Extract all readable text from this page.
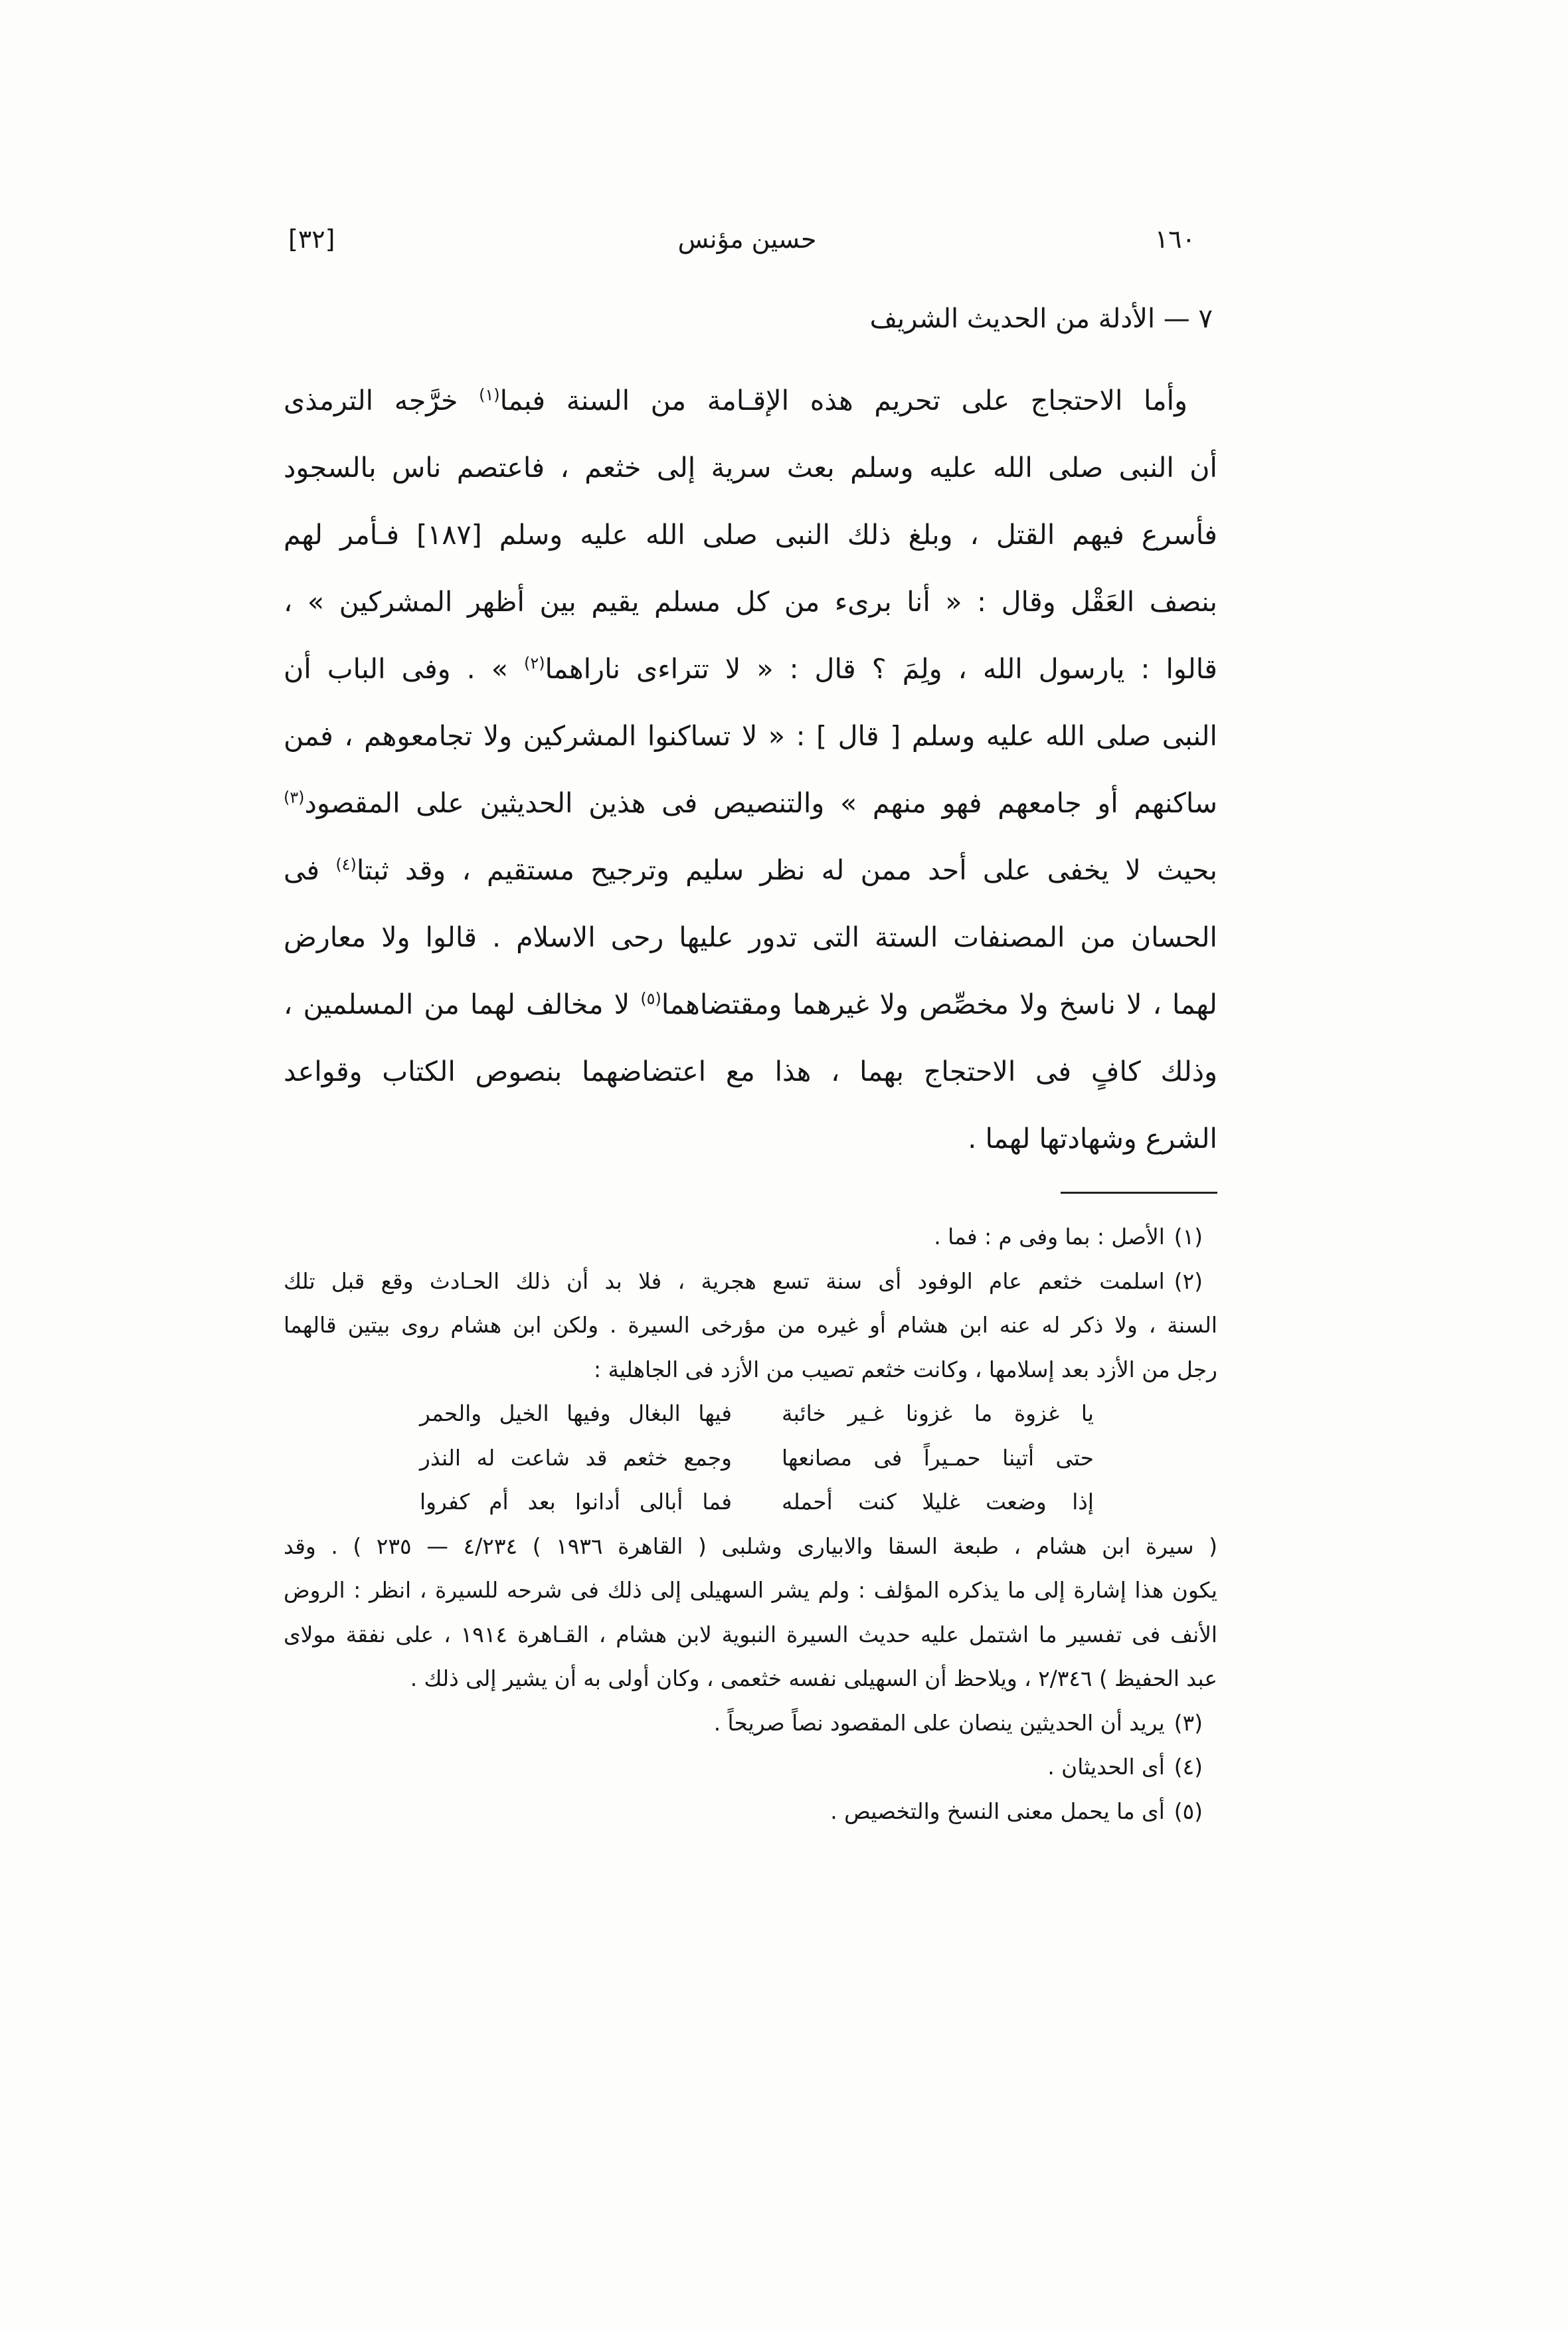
١٦٠
حسين مؤنس
[٣٢]
٧ — الأدلة من الحديث الشريف
وأما الاحتجاج على تحريم هذه الإقـامة من السنة فبما$^{(١)}$ خرَّجه الترمذى
أن النبى صلى الله عليه وسلم بعث سرية إلى خثعم ، فاعتصم ناس بالسجود
فأسرع فيهم القتل ، وبلغ ذلك النبى صلى الله عليه وسلم [١٨٧] فـأمر لهم
بنصف العَقْل وقال : « أنا برىء من كل مسلم يقيم بين أظهر المشركين » ،
قالوا : يارسول الله ، ولِمَ ؟ قال : « لا تتراءى ناراهما$^{(٢)}$ » . وفى الباب أن
النبى صلى الله عليه وسلم [ قال ] : « لا تساكنوا المشركين ولا تجامعوهم ، فمن
ساكنهم أو جامعهم فهو منهم » والتنصيص فى هذين الحديثين على المقصود$^{(٣)}$
بحيث لا يخفى على أحد ممن له نظر سليم وترجيح مستقيم ، وقد ثبتا$^{(٤)}$ فى
الحسان من المصنفات الستة التى تدور عليها رحى الاسلام . قالوا ولا معارض
لهما ، لا ناسخ ولا مخصِّص ولا غيرهما ومقتضاهما$^{(٥)}$ لا مخالف لهما من المسلمين ،
وذلك كافٍ فى الاحتجاج بهما ، هذا مع اعتضاضهما بنصوص الكتاب وقواعد
الشرع وشهادتها لهما .
(١)الأصل : بما وفى م : فما .
(٢)اسلمت خثعم عام الوفود أى سنة تسع هجرية ، فلا بد أن ذلك الحـادث وقع قبل تلك
السنة ، ولا ذكر له عنه ابن هشام أو غيره من مؤرخى السيرة . ولكن ابن هشام روى بيتين قالهما
رجل من الأزد بعد إسلامها ، وكانت خثعم تصيب من الأزد فى الجاهلية :
يا غزوة ما غزونا غـير خائبة
فيها البغال وفيها الخيل والحمر
حتى أتينا حمـيراً فى مصانعها
وجمع خثعم قد شاعت له النذر
إذا وضعت غليلا كنت أحمله
فما أبالى أدانوا بعد أم كفروا
( سيرة ابن هشام ، طبعة السقا والابيارى وشلبى ( القاهرة ١٩٣٦ ) ٤/٢٣٤ — ٢٣٥ ) . وقد
يكون هذا إشارة إلى ما يذكره المؤلف : ولم يشر السهيلى إلى ذلك فى شرحه للسيرة ، انظر : الروض
الأنف فى تفسير ما اشتمل عليه حديث السيرة النبوية لابن هشام ، القـاهرة ١٩١٤ ، على نفقة مولاى
عبد الحفيظ ) ٢/٣٤٦ ، ويلاحظ أن السهيلى نفسه خثعمى ، وكان أولى به أن يشير إلى ذلك .
(٣)يريد أن الحديثين ينصان على المقصود نصاً صريحاً .
(٤)أى الحديثان .
(٥)أى ما يحمل معنى النسخ والتخصيص .
